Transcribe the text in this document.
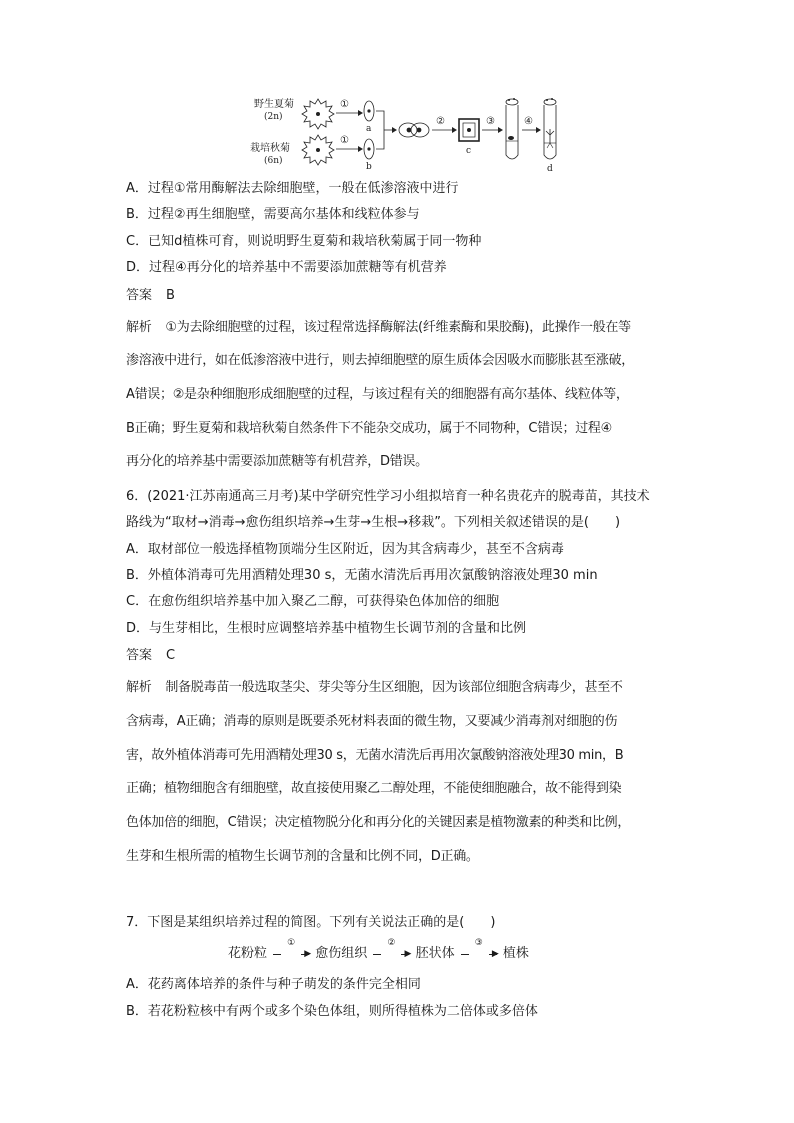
野生夏菊
(2n)
栽培秋菊
(6n)
①
①
a
b
②
c
③	④
d
A．过程①常用酶解法去除细胞壁，一般在低渗溶液中进行
B．过程②再生细胞壁，需要高尔基体和线粒体参与
C．已知d植株可育，则说明野生夏菊和栽培秋菊属于同一物种
D．过程④再分化的培养基中不需要添加蔗糖等有机营养
答案 B
解析 ①为去除细胞壁的过程，该过程常选择酶解法(纤维素酶和果胶酶)，此操作一般在等
渗溶液中进行，如在低渗溶液中进行，则去掉细胞壁的原生质体会因吸水而膨胀甚至涨破，
A错误；②是杂种细胞形成细胞壁的过程，与该过程有关的细胞器有高尔基体、线粒体等，
B正确；野生夏菊和栽培秋菊自然条件下不能杂交成功，属于不同物种，C错误；过程④
再分化的培养基中需要添加蔗糖等有机营养，D错误。
6．(2021·江苏南通高三月考)某中学研究性学习小组拟培育一种名贵花卉的脱毒苗，其技术
路线为“取材→消毒→愈伤组织培养→生芽→生根→移栽”。下列相关叙述错误的是(　　)
A．取材部位一般选择植物顶端分生区附近，因为其含病毒少，甚至不含病毒
B．外植体消毒可先用酒精处理30 s，无菌水清洗后再用次氯酸钠溶液处理30 min
C．在愈伤组织培养基中加入聚乙二醇，可获得染色体加倍的细胞
D．与生芽相比，生根时应调整培养基中植物生长调节剂的含量和比例
答案 C
解析 制备脱毒苗一般选取茎尖、芽尖等分生区细胞，因为该部位细胞含病毒少，甚至不
含病毒，A正确；消毒的原则是既要杀死材料表面的微生物，又要减少消毒剂对细胞的伤
害，故外植体消毒可先用酒精处理30 s，无菌水清洗后再用次氯酸钠溶液处理30 min，B
正确；植物细胞含有细胞壁，故直接使用聚乙二醇处理，不能使细胞融合，故不能得到染
色体加倍的细胞，C错误；决定植物脱分化和再分化的关键因素是植物激素的种类和比例，
生芽和生根所需的植物生长调节剂的含量和比例不同，D正确。
7．下图是某组织培养过程的简图。下列有关说法正确的是(　　)
花粉粒
①
▶ 愈伤组织
②
▶ 胚状体
③
▶ 植株
A．花药离体培养的条件与种子萌发的条件完全相同
B．若花粉粒核中有两个或多个染色体组，则所得植株为二倍体或多倍体
